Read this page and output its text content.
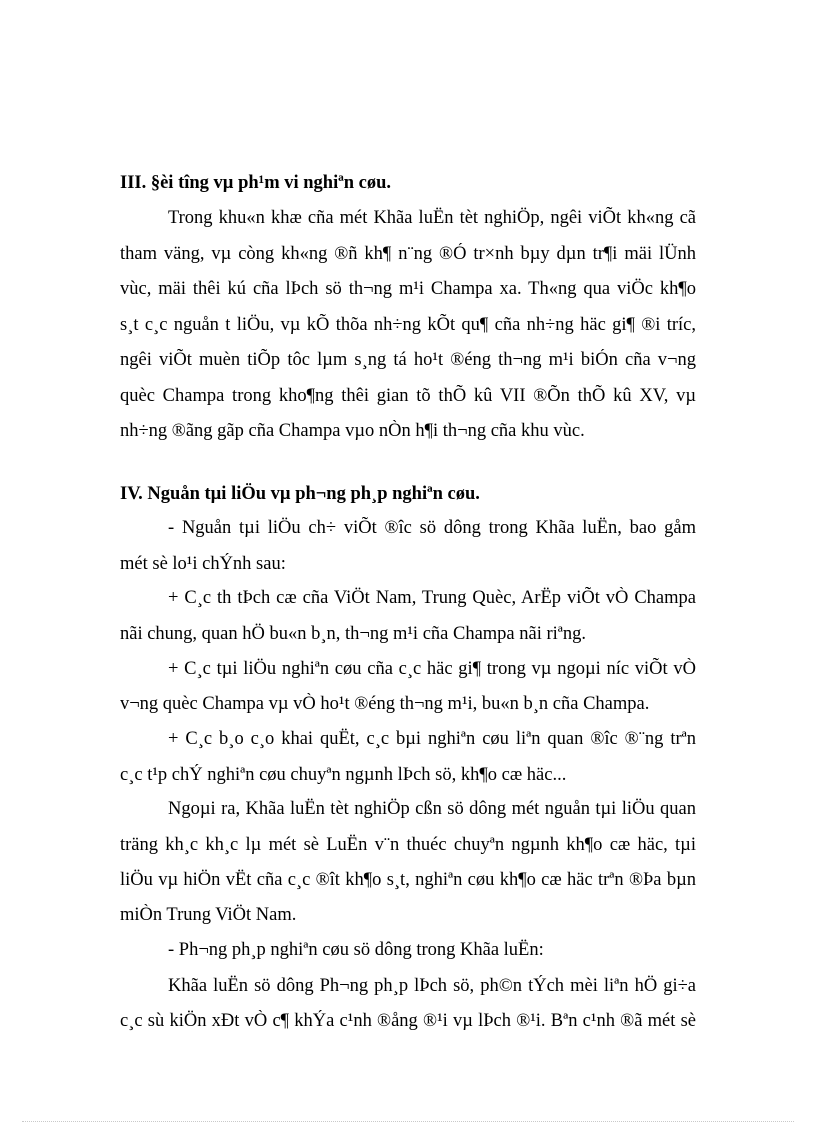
III. §èi tîng vµ ph¹m vi nghiªn cøu.
Trong khu«n khæ cña mét Khãa luËn tèt nghiÖp, ngêi viÕt kh«ng cã
tham väng, vµ còng kh«ng ®ñ kh¶ n¨ng ®Ó tr×nh bµy dµn tr¶i mäi lÜnh
vùc, mäi thêi kú cña lÞch sö th¬ng m¹i Champa xa. Th«ng qua viÖc kh¶o
s¸t c¸c nguån t liÖu, vµ kÕ thõa nh÷ng kÕt qu¶ cña nh÷ng häc gi¶ ®i tríc,
ngêi viÕt muèn tiÕp tôc lµm s¸ng tá ho¹t ®éng th¬ng m¹i biÓn cña v¬ng
quèc Champa trong kho¶ng thêi gian tõ thÕ kû VII ®Õn thÕ kû XV, vµ
nh÷ng ®ãng gãp cña Champa vµo nÒn h¶i th¬ng cña khu vùc.
IV. Nguån tµi liÖu vµ ph¬ng ph¸p nghiªn cøu.
- Nguån tµi liÖu ch÷ viÕt ®îc sö dông trong Khãa luËn, bao gåm
mét sè lo¹i chÝnh sau:
+ C¸c th tÞch cæ cña ViÖt Nam, Trung Quèc, ArËp viÕt vÒ Champa
nãi chung, quan hÖ bu«n b¸n, th¬ng m¹i cña Champa nãi riªng.
+ C¸c tµi liÖu nghiªn cøu cña c¸c häc gi¶ trong vµ ngoµi níc viÕt vÒ
v¬ng quèc Champa vµ vÒ ho¹t ®éng th¬ng m¹i, bu«n b¸n cña Champa.
+ C¸c b¸o c¸o khai quËt, c¸c bµi nghiªn cøu liªn quan ®îc ®¨ng trªn
c¸c t¹p chÝ nghiªn cøu chuyªn ngµnh lÞch sö, kh¶o cæ häc...
Ngoµi ra, Khãa luËn tèt nghiÖp cßn sö dông mét nguån tµi liÖu quan
träng kh¸c kh¸c lµ mét sè LuËn v¨n thuéc chuyªn ngµnh kh¶o cæ häc, tµi
liÖu vµ hiÖn vËt cña c¸c ®ît kh¶o s¸t, nghiªn cøu kh¶o cæ häc trªn ®Þa bµn
miÒn Trung ViÖt Nam.
- Ph¬ng ph¸p nghiªn cøu sö dông trong Khãa luËn:
Khãa luËn sö dông Ph¬ng ph¸p lÞch sö, ph©n tÝch mèi liªn hÖ gi÷a
c¸c sù kiÖn xÐt vÒ c¶ khÝa c¹nh ®ång ®¹i vµ lÞch ®¹i. Bªn c¹nh ®ã mét sè
